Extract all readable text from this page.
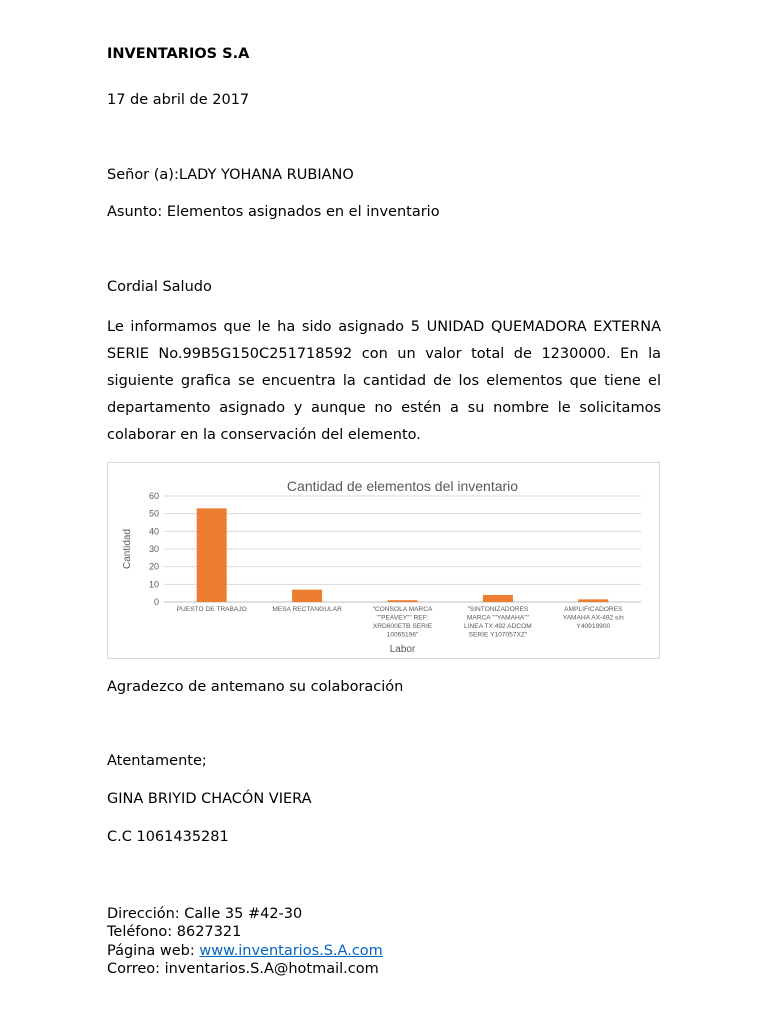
INVENTARIOS S.A
17 de abril de 2017
Señor (a):LADY YOHANA RUBIANO
Asunto: Elementos asignados en el inventario
Cordial Saludo
Le informamos que le ha sido asignado 5 UNIDAD QUEMADORA EXTERNA SERIE No.99B5G150C251718592 con un valor total de 1230000. En la siguiente grafica se encuentra la cantidad de los elementos que tiene el departamento asignado y aunque no estén a su nombre le solicitamos colaborar en la conservación del elemento.
Cantidad de elementos del inventario
0
10
20
30
40
50
60
PUESTO DE TRABAJO	MESA RECTANGULAR	"CONSOLA MARCA
""PEAVEY"" REF:
XRD600ETB SERIE
10065196"
"SINTONIZADORES
MARCA ""YAMAHA""
LINEA TX 492 ADCOM
SERIE Y107057XZ"
AMPLIFICADORES
YAMAHA AX-492 s/n
Y40919900
Labor
Cantidad
Agradezco de antemano su colaboración
Atentamente;
GINA BRIYID CHACÓN VIERA
C.C 1061435281
Dirección: Calle 35 #42-30
Teléfono: 8627321
Página web: www.inventarios.S.A.com
Correo: inventarios.S.A@hotmail.com
